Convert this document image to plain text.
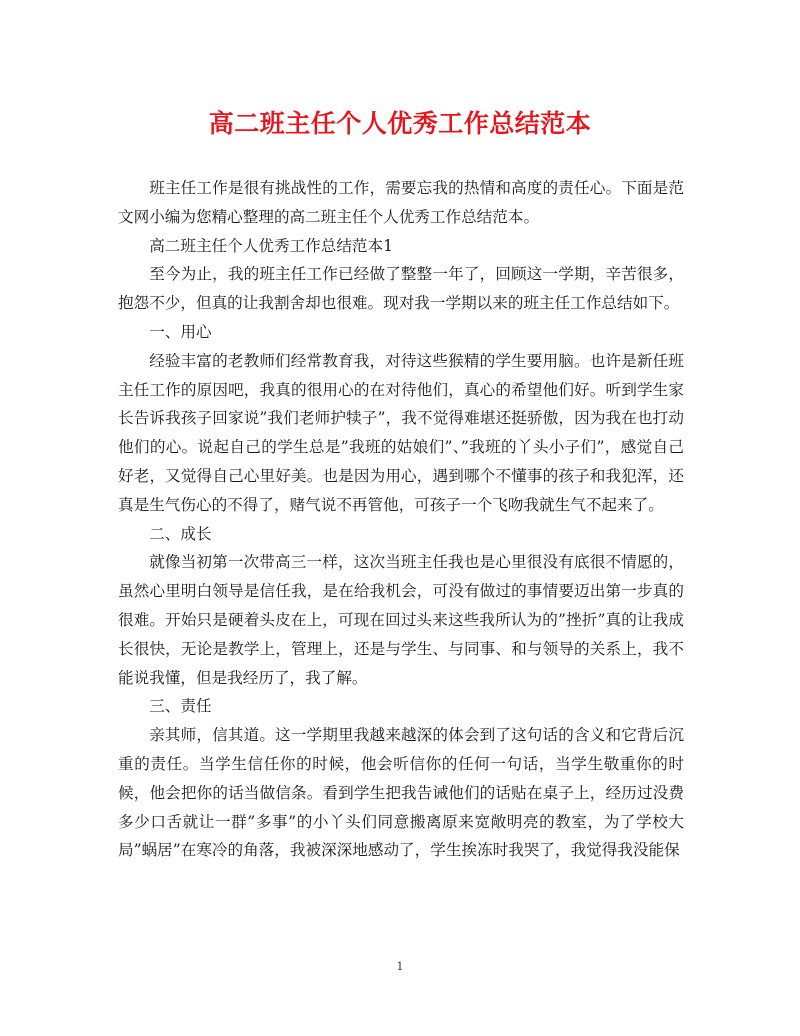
高二班主任个人优秀工作总结范本

班主任工作是很有挑战性的工作，需要忘我的热情和高度的责任心。下面是范文网小编为您精心整理的高二班主任个人优秀工作总结范本。

高二班主任个人优秀工作总结范本1

至今为止，我的班主任工作已经做了整整一年了，回顾这一学期，辛苦很多，抱怨不少，但真的让我割舍却也很难。现对我一学期以来的班主任工作总结如下。

一、用心

经验丰富的老教师们经常教育我，对待这些猴精的学生要用脑。也许是新任班主任工作的原因吧，我真的很用心的在对待他们，真心的希望他们好。听到学生家长告诉我孩子回家说”我们老师护犊子”，我不觉得难堪还挺骄傲，因为我在也打动他们的心。说起自己的学生总是”我班的姑娘们”、”我班的丫头小子们”，感觉自己好老，又觉得自己心里好美。也是因为用心，遇到哪个不懂事的孩子和我犯浑，还真是生气伤心的不得了，赌气说不再管他，可孩子一个飞吻我就生气不起来了。

二、成长

就像当初第一次带高三一样，这次当班主任我也是心里很没有底很不情愿的，虽然心里明白领导是信任我，是在给我机会，可没有做过的事情要迈出第一步真的很难。开始只是硬着头皮在上，可现在回过头来这些我所认为的”挫折”真的让我成长很快，无论是教学上，管理上，还是与学生、与同事、和与领导的关系上，我不能说我懂，但是我经历了，我了解。

三、责任

亲其师，信其道。这一学期里我越来越深的体会到了这句话的含义和它背后沉重的责任。当学生信任你的时候，他会听信你的任何一句话，当学生敬重你的时候，他会把你的话当做信条。看到学生把我告诫他们的话贴在桌子上，经历过没费多少口舌就让一群”多事”的小丫头们同意搬离原来宽敞明亮的教室，为了学校大局”蜗居”在寒冷的角落，我被深深地感动了，学生挨冻时我哭了，我觉得我没能保

1
